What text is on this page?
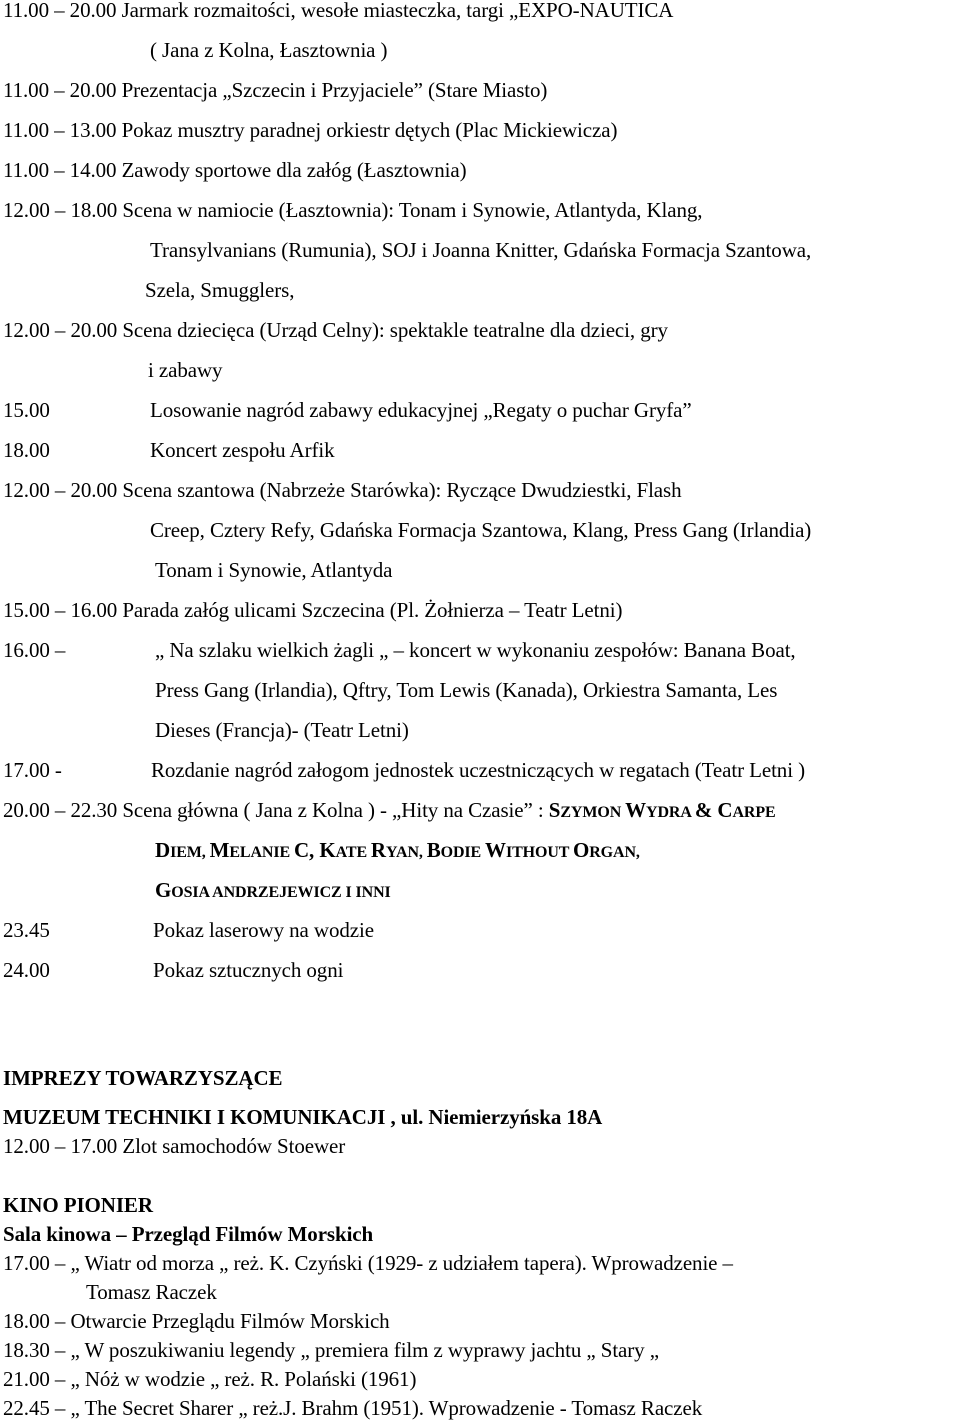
11.00 – 20.00 Jarmark rozmaitości, wesołe miasteczka, targi „EXPO-NAUTICA
( Jana z Kolna, Łasztownia )
11.00 – 20.00 Prezentacja „Szczecin i Przyjaciele” (Stare Miasto)
11.00 – 13.00 Pokaz musztry paradnej orkiestr dętych (Plac Mickiewicza)
11.00 – 14.00 Zawody sportowe dla załóg (Łasztownia)
12.00 – 18.00 Scena w namiocie (Łasztownia): Tonam i Synowie, Atlantyda, Klang,
Transylvanians (Rumunia), SOJ i Joanna Knitter, Gdańska Formacja Szantowa,
Szela, Smugglers,
12.00 – 20.00 Scena dziecięca (Urząd Celny): spektakle teatralne dla dzieci, gry
i zabawy
15.00	Losowanie nagród zabawy edukacyjnej „Regaty o puchar Gryfa”
18.00	Koncert zespołu Arfik
12.00 – 20.00 Scena szantowa (Nabrzeże Starówka): Ryczące Dwudziestki, Flash
Creep, Cztery Refy, Gdańska Formacja Szantowa, Klang, Press Gang (Irlandia)
Tonam i Synowie, Atlantyda
15.00 – 16.00 Parada załóg ulicami Szczecina (Pl. Żołnierza – Teatr Letni)
16.00 –	„ Na szlaku wielkich żagli „ – koncert w wykonaniu zespołów: Banana Boat,
Press Gang (Irlandia), Qftry, Tom Lewis (Kanada), Orkiestra Samanta, Les
Dieses (Francja)- (Teatr Letni)
17.00 -	Rozdanie nagród załogom jednostek uczestniczących w regatach (Teatr Letni )
20.00 – 22.30 Scena główna ( Jana z Kolna ) - „Hity na Czasie” : SZYMON WYDRA & CARPE
DIEM, MELANIE C, KATE RYAN, BODIE WITHOUT ORGAN,
GOSIA ANDRZEJEWICZ I INNI
23.45	Pokaz laserowy na wodzie
24.00	Pokaz sztucznych ogni
IMPREZY TOWARZYSZĄCE
MUZEUM TECHNIKI I KOMUNIKACJI , ul. Niemierzyńska 18A
12.00 – 17.00 Zlot samochodów Stoewer
KINO PIONIER
Sala kinowa – Przegląd Filmów Morskich
17.00 – „ Wiatr od morza „ reż. K. Czyński (1929- z udziałem tapera). Wprowadzenie –
Tomasz Raczek
18.00 – Otwarcie Przeglądu Filmów Morskich
18.30 – „ W poszukiwaniu legendy „ premiera film z wyprawy jachtu „ Stary „
21.00 – „ Nóż w wodzie „ reż. R. Polański (1961)
22.45 – „ The Secret Sharer „ reż.J. Brahm (1951). Wprowadzenie - Tomasz Raczek
